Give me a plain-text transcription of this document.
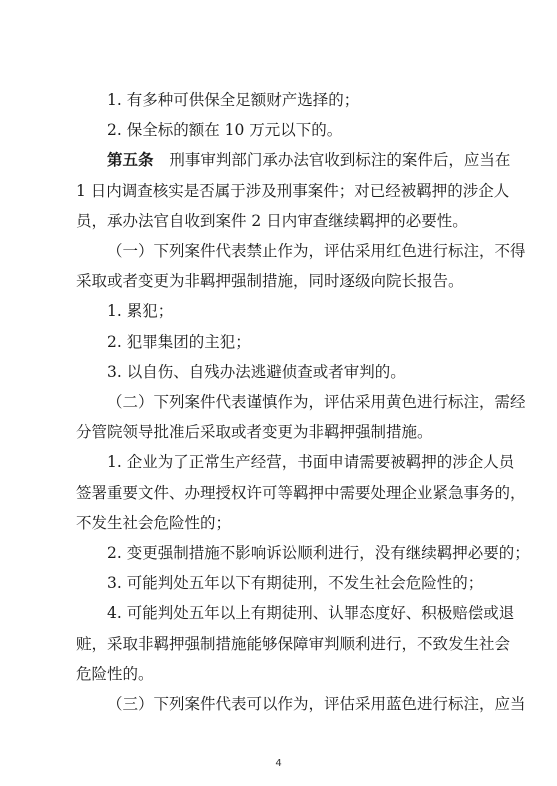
1. 有多种可供保全足额财产选择的；
2. 保全标的额在 10 万元以下的。
第五条 刑事审判部门承办法官收到标注的案件后，应当在
1 日内调查核实是否属于涉及刑事案件；对已经被羁押的涉企人
员，承办法官自收到案件 2 日内审查继续羁押的必要性。
（一）下列案件代表禁止作为，评估采用红色进行标注，不得
采取或者变更为非羁押强制措施，同时逐级向院长报告。
1. 累犯；
2. 犯罪集团的主犯；
3. 以自伤、自残办法逃避侦查或者审判的。
（二）下列案件代表谨慎作为，评估采用黄色进行标注，需经
分管院领导批准后采取或者变更为非羁押强制措施。
1. 企业为了正常生产经营，书面申请需要被羁押的涉企人员
签署重要文件、办理授权许可等羁押中需要处理企业紧急事务的，
不发生社会危险性的；
2. 变更强制措施不影响诉讼顺利进行，没有继续羁押必要的；
3. 可能判处五年以下有期徒刑，不发生社会危险性的；
4. 可能判处五年以上有期徒刑、认罪态度好、积极赔偿或退
赃，采取非羁押强制措施能够保障审判顺利进行，不致发生社会
危险性的。
（三）下列案件代表可以作为，评估采用蓝色进行标注，应当
4
